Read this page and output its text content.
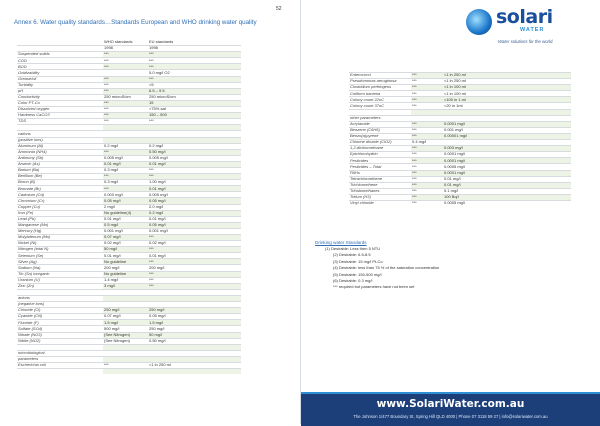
52
Annex 6. Water quality standards…Standards European and WHO drinking water quality
	WHO standards	EU standards	
	1998	1998	
Suspended solids	***	***	
COD	***	***	
BOD	***	***	
Oxidizability		5.0 mg/l O2	
Grease/oil	***	***	
Turbidity	***	<5	
pH	***	6.5 – 9.5	
Conductivity	250 microS/cm	250 microS/cm	
Color PT-Co	***	15	
Dissolved oxygen	***	>75% sat	
Hardness CaCO3	***	150 – 500	
TDS	***	***	

cations			
(positive ions)			
Aluminum (Al)	0.2 mg/l	0.2 mg/l	
Ammonia (NH4)	***	0.50 mg/l	
Antimony (Sb)	0.005 mg/l	0.005 mg/l	
Arsenic (As)	0.01 mg/l	0.01 mg/l	
Barium (Ba)	0.3 mg/l	***	
Berillium (Be)	***	***	
Boron (B)	0.3 mg/l	1.00 mg/l	
Bromate (Br)	***	0.01 mg/l	
Cadmium (Cd)	0.003 mg/l	0.005 mg/l	
Chromium (Cr)	0.05 mg/l	0.05 mg/l	
Copper (Cu)	2 mg/l	2.0 mg/l	
Iron (Fe)	No guideline(4)	0.2 mg/l	
Lead (Pb)	0.01 mg/l	0.01 mg/l	
Manganese (Mn)	0.5 mg/l	0.05 mg/l	
Mercury (Hg)	0.001 mg/l	0.001 mg/l	
Molybdenum (Mo)	0.07 mg/l	***	
Nickel (Ni)	0.02 mg/l	0.02 mg/l	
Nitrogen (total N)	50 mg/l	***	
Selenium (Se)	0.01 mg/l	0.01 mg/l	
Silver (Ag)	No guideline	***	
Sodium (Na)	200 mg/l	200 mg/l	
Tin (Sn) inorganic	No guideline	***	
Uranium (U)	1.4 mg/l	***	
Zinc (Zn)	3 mg/l	***	

anions			
(negative ions)			
Chloride (Cl)	250 mg/l	250 mg/l	
Cyanide (CN)	0.07 mg/l	0.05 mg/l	
Fluoride (F)	1.5 mg/l	1.5 mg/l	
Sulfate (SO4)	500 mg/l	250 mg/l	
Nitrate (NO3)	(See Nitrogen)	50 mg/l	
Nitrite (NO2)	(See Nitrogen)	0.50 mg/l	

microbiological			
parameters			
Escherichia coli	***	<1 in 250 ml	

solari
WATER
Water solutions for the world.
Enterococci	***	<1 in 250 ml	
Pseudomonas aeruginosa	***	<1 in 250 ml	
Clostridium perfringens	***	<1 in 100 ml	
Coliform bacteria	***	<1 in 100 ml	
Colony count 22oC	***	<100 in 1 ml	
Colony count 37oC	***	<20 in 1ml	

other parameters			
Acrylamide	***	0.0001 mg/l	
Benzene (C6H6)	***	0.001 mg/l	
Benzo(a)pyrene	***	0.00001 mg/l	
Chlorine dioxide (ClO2)	0.4 mg/l		
1,2-dichloroethane	***	0.003 mg/l	
Epichlorohydrin	***	0.0001 mg/l	
Pesticides	***	0.0001 mg/l	
Pesticides – Total	***	0.0005 mg/l	
PAHs	***	0.0001 mg/l	
Tetrachloroethene	***	0.01 mg/l	
Trichloroethene	***	0.01 mg/l	
Trihalomethanes	***	0.1 mg/l	
Tritium (H3)	***	100 Bq/l	
Vinyl chloride	***	0.0005 mg/l	
Drinking water Standards
(1) Desirable: Less then 5 NTU
(2) Desirable: 6.5-8.5
(3) Desirable: 15 mg/l Pt-Co
(4) Desirable: less than 75 % of the saturation concentration
(5) Desirable: 150-500 mg/l
(6) Desirable: 0.3 mg/l
*** required but parameters have not been set
www.SolariWater.com.au
The Johnson 1/477 Boundary St, Spring Hill QLD 4000 | Phone 07 3118 59 27 | info@solariwater.com.au
